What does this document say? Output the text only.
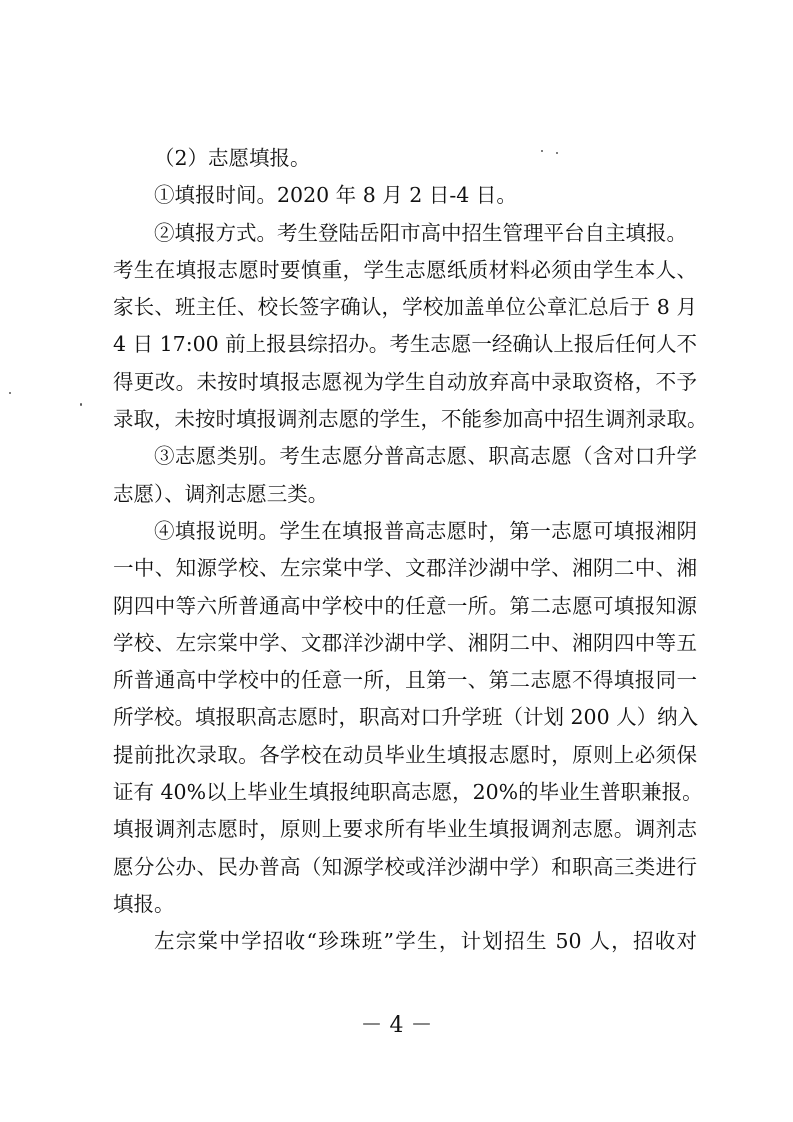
（2）志愿填报。
①填报时间。2020 年 8 月 2 日-4 日。
②填报方式。考生登陆岳阳市高中招生管理平台自主填报。
考生在填报志愿时要慎重，学生志愿纸质材料必须由学生本人、
家长、班主任、校长签字确认，学校加盖单位公章汇总后于 8 月
4 日 17:00 前上报县综招办。考生志愿一经确认上报后任何人不
得更改。未按时填报志愿视为学生自动放弃高中录取资格，不予
录取，未按时填报调剂志愿的学生，不能参加高中招生调剂录取。
③志愿类别。考生志愿分普高志愿、职高志愿（含对口升学
志愿）、调剂志愿三类。
④填报说明。学生在填报普高志愿时，第一志愿可填报湘阴
一中、知源学校、左宗棠中学、文郡洋沙湖中学、湘阴二中、湘
阴四中等六所普通高中学校中的任意一所。第二志愿可填报知源
学校、左宗棠中学、文郡洋沙湖中学、湘阴二中、湘阴四中等五
所普通高中学校中的任意一所，且第一、第二志愿不得填报同一
所学校。填报职高志愿时，职高对口升学班（计划 200 人）纳入
提前批次录取。各学校在动员毕业生填报志愿时，原则上必须保
证有 40%以上毕业生填报纯职高志愿，20%的毕业生普职兼报。
填报调剂志愿时，原则上要求所有毕业生填报调剂志愿。调剂志
愿分公办、民办普高（知源学校或洋沙湖中学）和职高三类进行
填报。
左宗棠中学招收“珍珠班”学生，计划招生 50 人，招收对
－ 4 －
